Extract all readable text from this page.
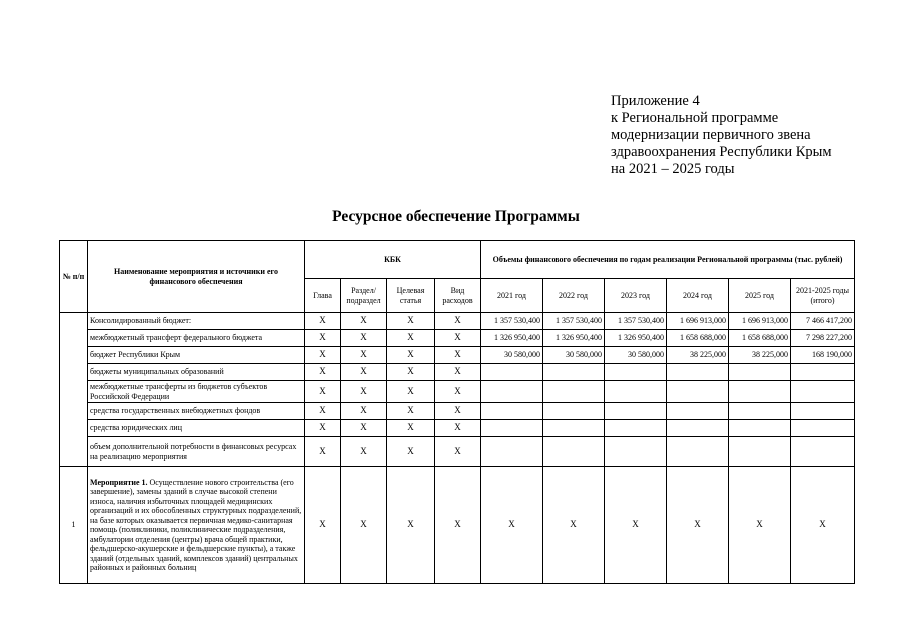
Приложение 4
к Региональной программе
модернизации первичного звена
здравоохранения Республики Крым
на 2021 – 2025 годы
Ресурсное обеспечение Программы
№ п/п	Наименование мероприятия и источники его финансового обеспечения	КБК				Объемы финансового обеспечения по годам реализации Региональной программы (тыс. рублей)					
		Глава	Раздел/ подраздел	Целевая статья	Вид расходов	2021 год	2022 год	2023 год	2024 год	2025 год	2021-2025 годы (итого)
	Консолидированный бюджет:	X	X	X	X	1 357 530,400	1 357 530,400	1 357 530,400	1 696 913,000	1 696 913,000	7 466 417,200
	межбюджетный трансферт федерального бюджета	X	X	X	X	1 326 950,400	1 326 950,400	1 326 950,400	1 658 688,000	1 658 688,000	7 298 227,200
	бюджет Республики Крым	X	X	X	X	30 580,000	30 580,000	30 580,000	38 225,000	38 225,000	168 190,000
	бюджеты муниципальных образований	X	X	X	X						
	межбюджетные трансферты из бюджетов субъектов Российской Федерации	X	X	X	X						
	средства государственных внебюджетных фондов	X	X	X	X						
	средства юридических лиц	X	X	X	X						
	объем дополнительной потребности в финансовых ресурсах на реализацию мероприятия	X	X	X	X						
1	Мероприятие 1. Осуществление нового строительства (его завершение), замены зданий в случае высокой степени износа, наличия избыточных площадей медицинских организаций и их обособленных структурных подразделений, на базе которых оказывается первичная медико-санитарная помощь (поликлиники, поликлинические подразделения, амбулатории отделения (центры) врача общей практики, фельдшерско-акушерские и фельдшерские пункты), а также зданий (отдельных зданий, комплексов зданий) центральных районных и районных больниц	X	X	X	X	X	X	X	X	X	X
